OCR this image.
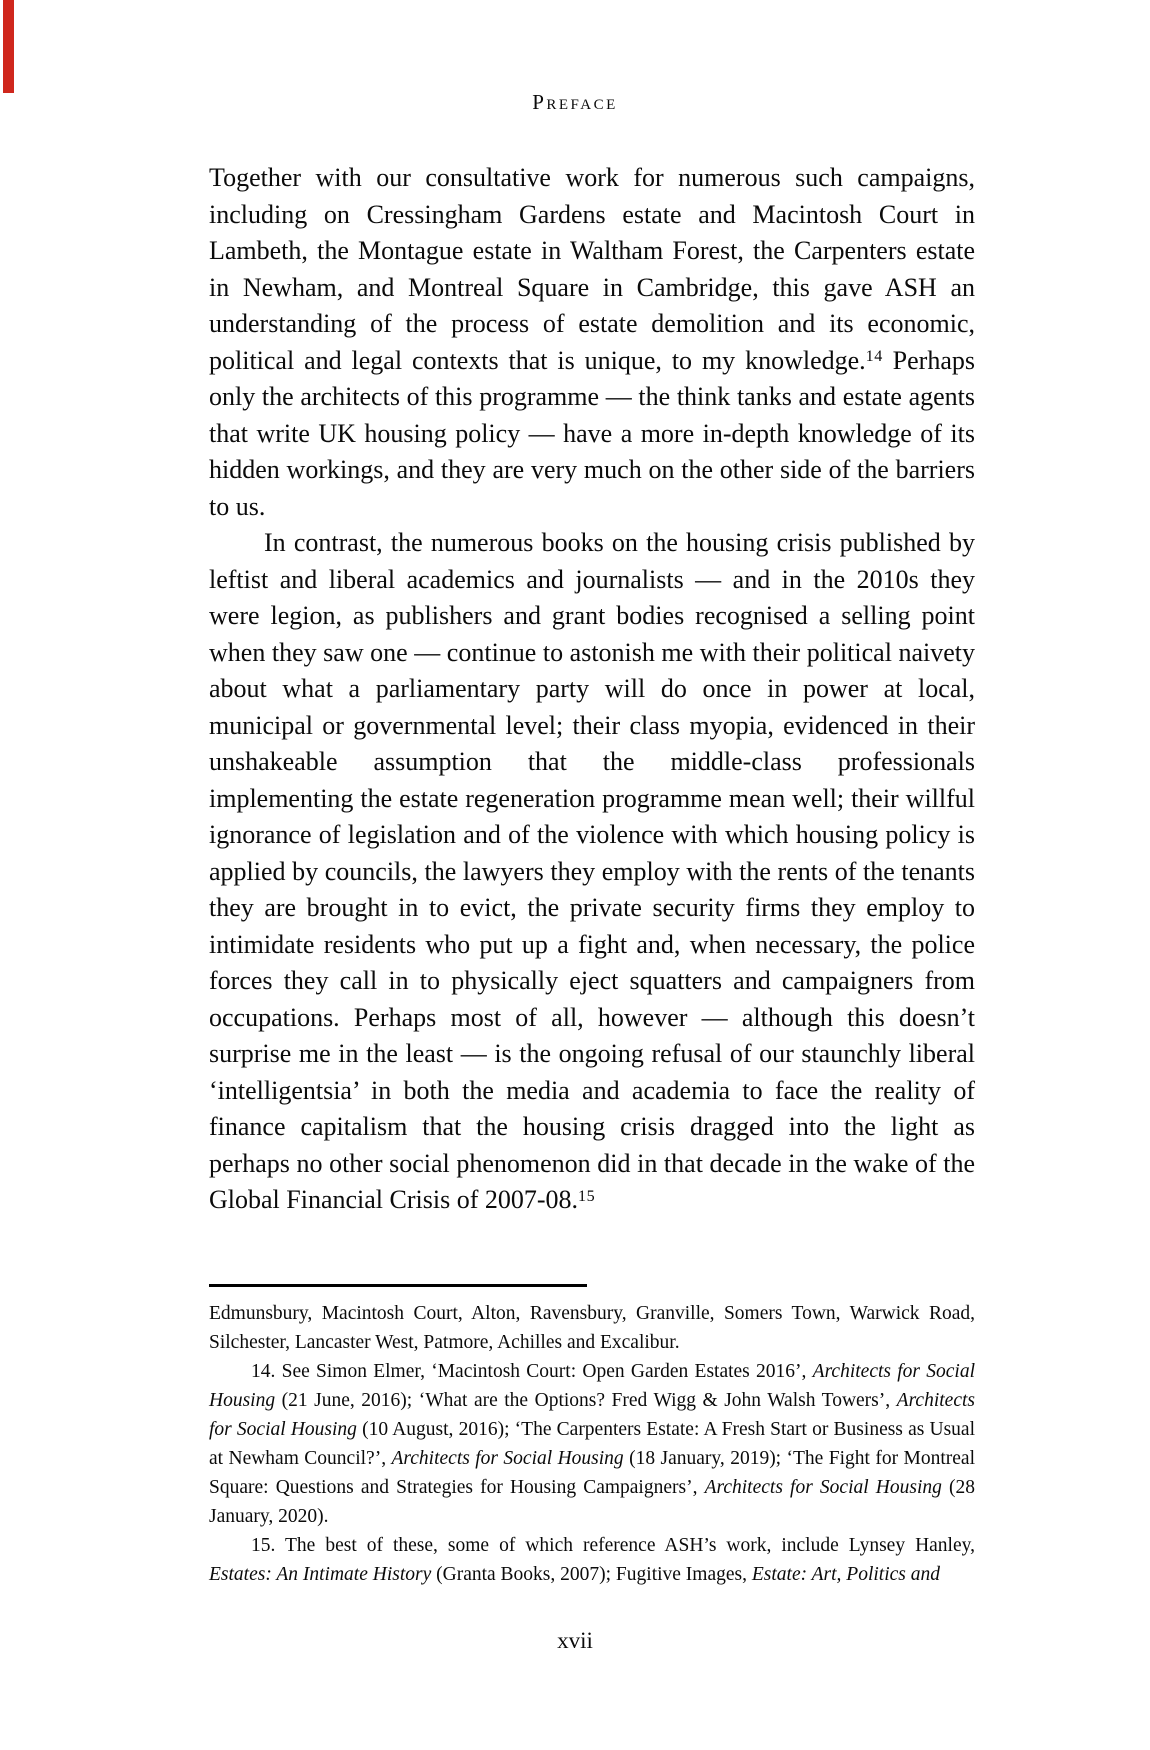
Preface

Together with our consultative work for numerous such campaigns, including on Cressingham Gardens estate and Macintosh Court in Lambeth, the Montague estate in Waltham Forest, the Carpenters estate in Newham, and Montreal Square in Cambridge, this gave ASH an understanding of the process of estate demolition and its economic, political and legal contexts that is unique, to my knowledge.$^{14}$ Perhaps only the architects of this programme — the think tanks and estate agents that write UK housing policy — have a more in-depth knowledge of its hidden workings, and they are very much on the other side of the barriers to us.

In contrast, the numerous books on the housing crisis published by leftist and liberal academics and journalists — and in the 2010s they were legion, as publishers and grant bodies recognised a selling point when they saw one — continue to astonish me with their political naivety about what a parliamentary party will do once in power at local, municipal or governmental level; their class myopia, evidenced in their unshakeable assumption that the middle-class professionals implementing the estate regeneration programme mean well; their willful ignorance of legislation and of the violence with which housing policy is applied by councils, the lawyers they employ with the rents of the tenants they are brought in to evict, the private security firms they employ to intimidate residents who put up a fight and, when necessary, the police forces they call in to physically eject squatters and campaigners from occupations. Perhaps most of all, however — although this doesn’t surprise me in the least — is the ongoing refusal of our staunchly liberal ‘intelligentsia’ in both the media and academia to face the reality of finance capitalism that the housing crisis dragged into the light as perhaps no other social phenomenon did in that decade in the wake of the Global Financial Crisis of 2007-08.15

Edmunsbury, Macintosh Court, Alton, Ravensbury, Granville, Somers Town, Warwick Road, Silchester, Lancaster West, Patmore, Achilles and Excalibur.

14. See Simon Elmer, ‘Macintosh Court: Open Garden Estates 2016’, Architects for Social Housing (21 June, 2016); ‘What are the Options? Fred Wigg & John Walsh Towers’, Architects for Social Housing (10 August, 2016); ‘The Carpenters Estate: A Fresh Start or Business as Usual at Newham Council?’, Architects for Social Housing (18 January, 2019); ‘The Fight for Montreal Square: Questions and Strategies for Housing Campaigners’, Architects for Social Housing (28 January, 2020).

15. The best of these, some of which reference ASH’s work, include Lynsey Hanley, Estates: An Intimate History (Granta Books, 2007); Fugitive Images, Estate: Art, Politics and

xvii
